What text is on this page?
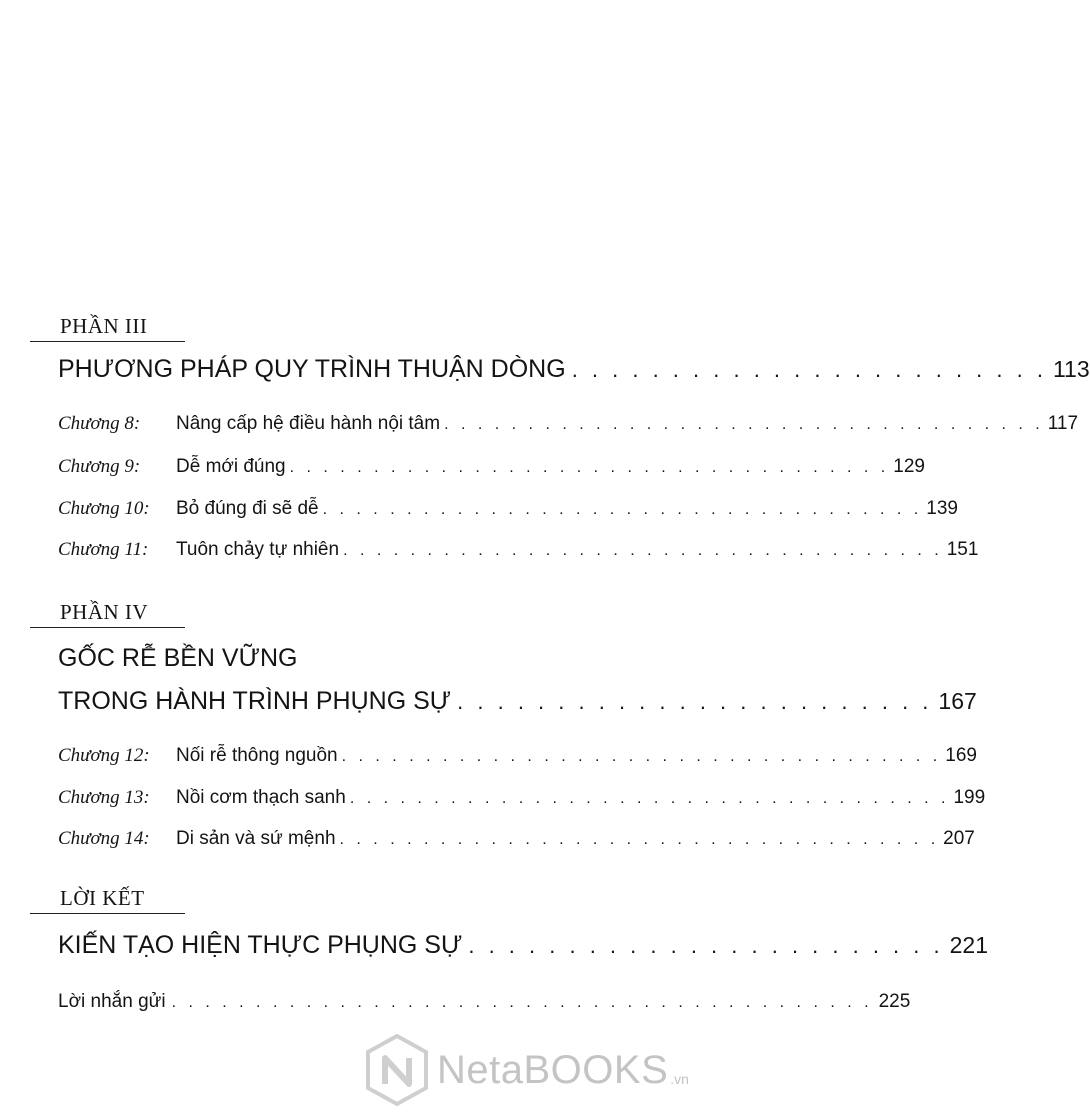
PHẦN III
PHƯƠNG PHÁP QUY TRÌNH THUẬN DÒNG . . . . . . . . . . . . . . . . . . . . . . . . 113
Chương 8:	Nâng cấp hệ điều hành nội tâm . . . . . . . . . . . . . . . . . . . . . . . . . . . . . . . . . . . . 117
Chương 9:	Dễ mới đúng . . . . . . . . . . . . . . . . . . . . . . . . . . . . . . . . . . . . 129
Chương 10:	Bỏ đúng đi sẽ dễ . . . . . . . . . . . . . . . . . . . . . . . . . . . . . . . . . . . . 139
Chương 11:	Tuôn chảy tự nhiên . . . . . . . . . . . . . . . . . . . . . . . . . . . . . . . . . . . . 151
PHẦN IV
GỐC RỄ BỀN VỮNG
TRONG HÀNH TRÌNH PHỤNG SỰ . . . . . . . . . . . . . . . . . . . . . . . . 167
Chương 12:	Nối rễ thông nguồn . . . . . . . . . . . . . . . . . . . . . . . . . . . . . . . . . . . . 169
Chương 13:	Nồi cơm thạch sanh . . . . . . . . . . . . . . . . . . . . . . . . . . . . . . . . . . . . 199
Chương 14:	Di sản và sứ mệnh . . . . . . . . . . . . . . . . . . . . . . . . . . . . . . . . . . . . 207
LỜI KẾT
KIẾN TẠO HIỆN THỰC PHỤNG SỰ . . . . . . . . . . . . . . . . . . . . . . . . 221
Lời nhắn gửi . . . . . . . . . . . . . . . . . . . . . . . . . . . . . . . . . . . . . . . . . . 225
NetaBOOKS .vn
